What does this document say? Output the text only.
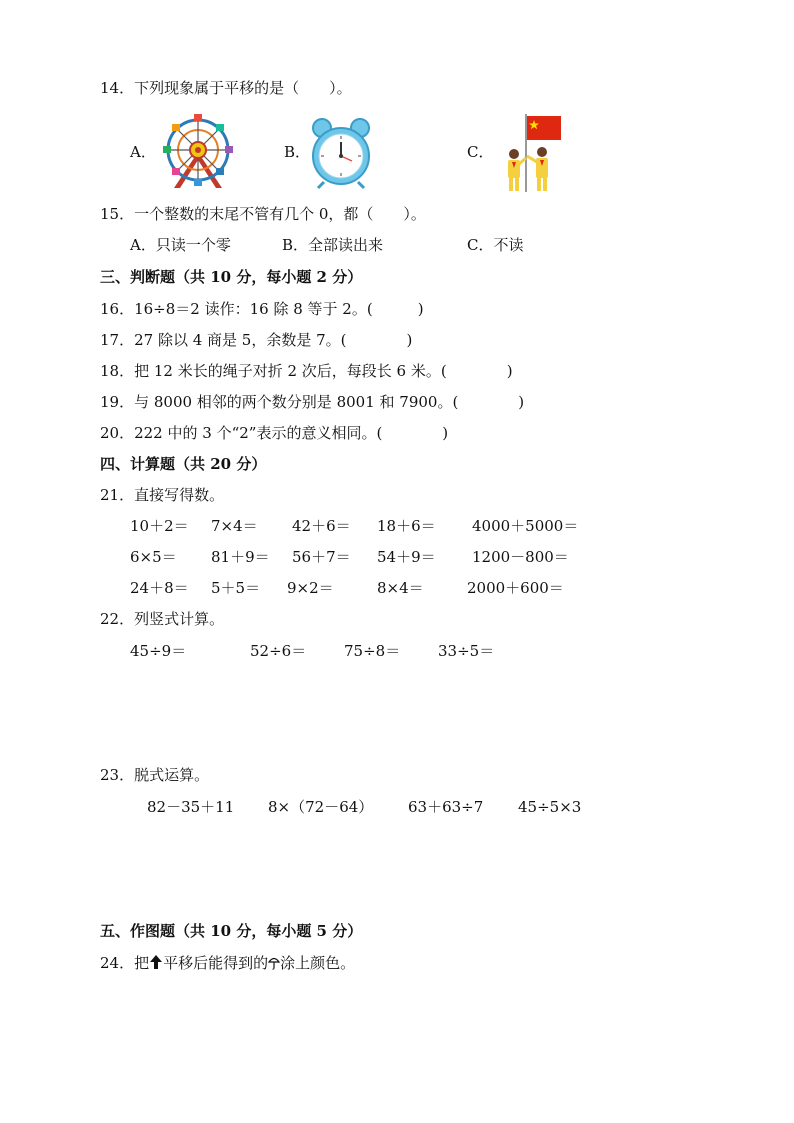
14．下列现象属于平移的是（　　）。
A．	B．	C．
15．一个整数的末尾不管有几个 0，都（　　）。
A．只读一个零	B．全部读出来	C．不读
三、判断题（共 10 分，每小题 2 分）
16．16÷8＝2 读作：16 除 8 等于 2。(　　　)
17．27 除以 4 商是 5，余数是 7。(　　　　)
18．把 12 米长的绳子对折 2 次后，每段长 6 米。(　　　　)
19．与 8000 相邻的两个数分别是 8001 和 7900。(　　　　)
20．222 中的 3 个“2”表示的意义相同。(　　　　)
四、计算题（共 20 分）
21．直接写得数。
10＋2＝ 7×4＝ 42＋6＝ 18＋6＝ 4000＋5000＝
6×5＝ 81＋9＝ 56＋7＝ 54＋9＝ 1200－800＝
24＋8＝ 5＋5＝ 9×2＝	8×4＝	2000＋600＝
22．列竖式计算。
45÷9＝	52÷6＝	75÷8＝	33÷5＝
23．脱式运算。
82－35＋11 8×（72－64） 63＋63÷7 45÷5×3
五、作图题（共 10 分，每小题 5 分）
24．把 平移后能得到的 涂上颜色。
